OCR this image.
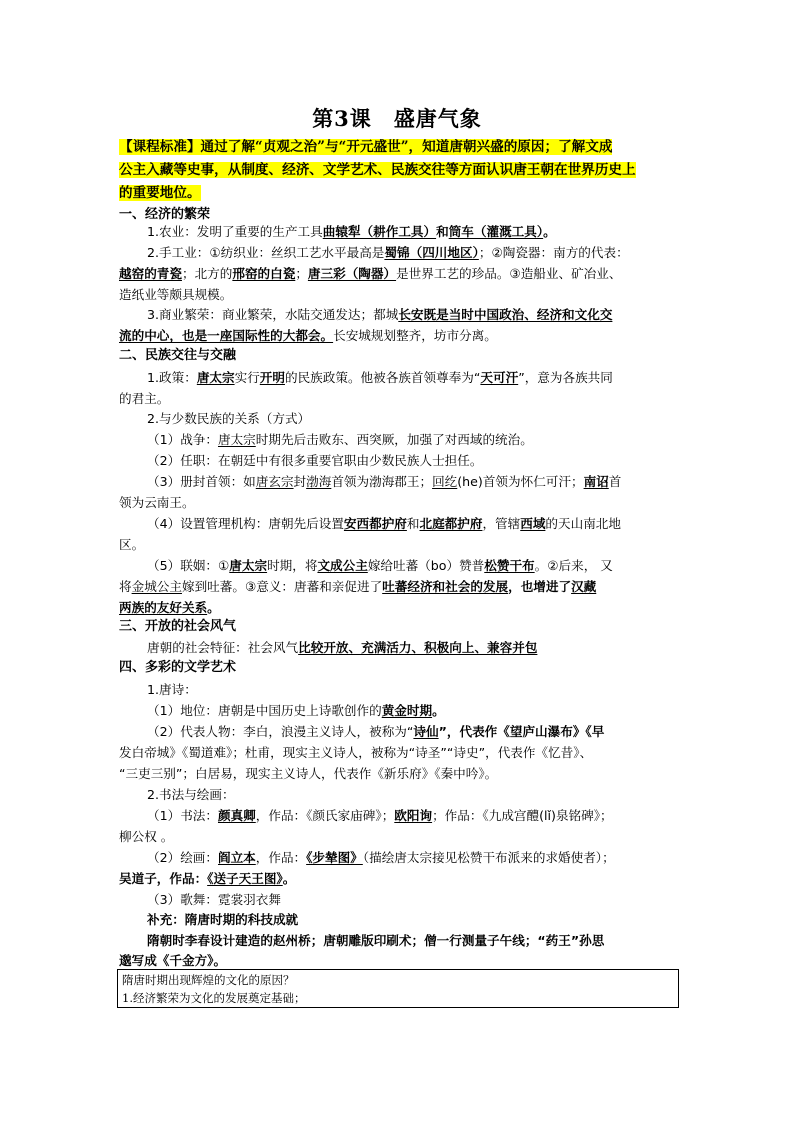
第3课 盛唐气象
【课程标准】通过了解“贞观之治”与“开元盛世”，知道唐朝兴盛的原因；了解文成
公主入藏等史事，从制度、经济、文学艺术、民族交往等方面认识唐王朝在世界历史上
的重要地位。
一、经济的繁荣
1.农业：发明了重要的生产工具曲辕犁（耕作工具）和筒车（灌溉工具）。
2.手工业：①纺织业：丝织工艺水平最高是蜀锦（四川地区）；②陶瓷器：南方的代表：
越窑的青瓷；北方的邢窑的白瓷；唐三彩（陶器）是世界工艺的珍品。③造船业、矿冶业、
造纸业等颇具规模。
3.商业繁荣：商业繁荣，水陆交通发达；都城长安既是当时中国政治、经济和文化交
流的中心，也是一座国际性的大都会。长安城规划整齐，坊市分离。
二、民族交往与交融
1.政策：唐太宗实行开明的民族政策。他被各族首领尊奉为“天可汗”，意为各族共同
的君主。
2.与少数民族的关系（方式）
（1）战争：唐太宗时期先后击败东、西突厥，加强了对西域的统治。
（2）任职：在朝廷中有很多重要官职由少数民族人士担任。
（3）册封首领：如唐玄宗封渤海首领为渤海郡王；回纥(he)首领为怀仁可汗；南诏首
领为云南王。
（4）设置管理机构：唐朝先后设置安西都护府和北庭都护府，管辖西域的天山南北地
区。
（5）联姻：①唐太宗时期，将文成公主嫁给吐蕃（bo）赞普松赞干布。②后来， 又
将金城公主嫁到吐蕃。③意义：唐蕃和亲促进了吐蕃经济和社会的发展，也增进了汉藏
两族的友好关系。
三、开放的社会风气
唐朝的社会特征：社会风气比较开放、充满活力、积极向上、兼容并包
四、多彩的文学艺术
1.唐诗：
（1）地位：唐朝是中国历史上诗歌创作的黄金时期。
（2）代表人物：李白，浪漫主义诗人，被称为“诗仙”，代表作《望庐山瀑布》《早
发白帝城》《蜀道难》；杜甫，现实主义诗人，被称为“诗圣”“诗史”，代表作《忆昔》、
“三吏三别”；白居易，现实主义诗人，代表作《新乐府》《秦中吟》。
2.书法与绘画：
（1）书法：颜真卿，作品：《颜氏家庙碑》；欧阳询；作品：《九成宫醴(lǐ)泉铭碑》；
柳公权 。
（2）绘画：阎立本，作品：《步辇图》（描绘唐太宗接见松赞干布派来的求婚使者）；
吴道子，作品：《送子天王图》。
（3）歌舞：霓裳羽衣舞
补充：隋唐时期的科技成就
隋朝时李春设计建造的赵州桥；唐朝雕版印刷术；僧一行测量子午线；“药王”孙思
邈写成《千金方》。
隋唐时期出现辉煌的文化的原因？
1.经济繁荣为文化的发展奠定基础；
